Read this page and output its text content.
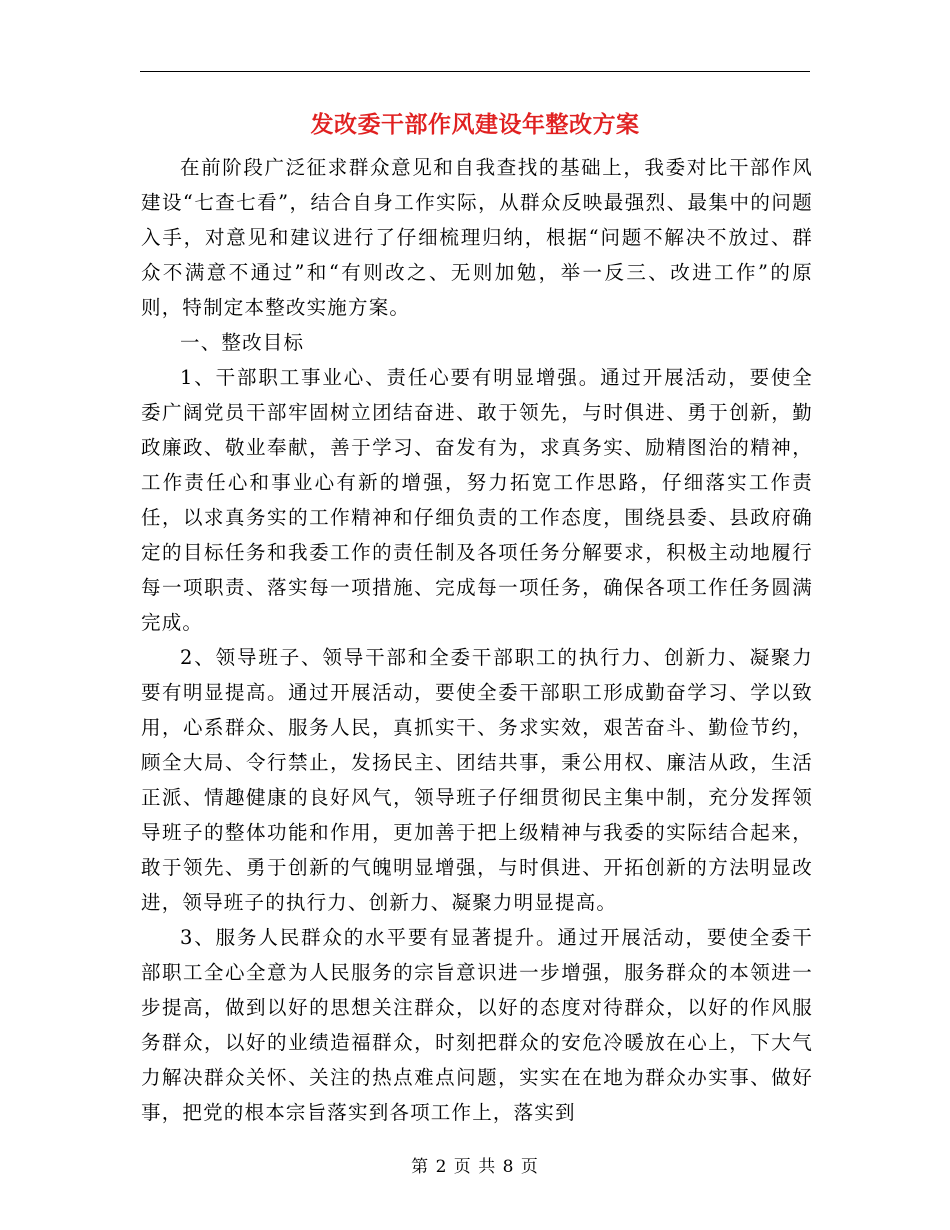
发改委干部作风建设年整改方案

在前阶段广泛征求群众意见和自我查找的基础上，我委对比干部作风建设“七查七看”，结合自身工作实际，从群众反映最强烈、最集中的问题入手，对意见和建议进行了仔细梳理归纳，根据“问题不解决不放过、群众不满意不通过”和“有则改之、无则加勉，举一反三、改进工作”的原则，特制定本整改实施方案。

一、整改目标

1、干部职工事业心、责任心要有明显增强。通过开展活动，要使全委广阔党员干部牢固树立团结奋进、敢于领先，与时俱进、勇于创新，勤政廉政、敬业奉献，善于学习、奋发有为，求真务实、励精图治的精神，工作责任心和事业心有新的增强，努力拓宽工作思路，仔细落实工作责任，以求真务实的工作精神和仔细负责的工作态度，围绕县委、县政府确定的目标任务和我委工作的责任制及各项任务分解要求，积极主动地履行每一项职责、落实每一项措施、完成每一项任务，确保各项工作任务圆满完成。

2、领导班子、领导干部和全委干部职工的执行力、创新力、凝聚力要有明显提高。通过开展活动，要使全委干部职工形成勤奋学习、学以致用，心系群众、服务人民，真抓实干、务求实效，艰苦奋斗、勤俭节约，顾全大局、令行禁止，发扬民主、团结共事，秉公用权、廉洁从政，生活正派、情趣健康的良好风气，领导班子仔细贯彻民主集中制，充分发挥领导班子的整体功能和作用，更加善于把上级精神与我委的实际结合起来，敢于领先、勇于创新的气魄明显增强，与时俱进、开拓创新的方法明显改进，领导班子的执行力、创新力、凝聚力明显提高。

3、服务人民群众的水平要有显著提升。通过开展活动，要使全委干部职工全心全意为人民服务的宗旨意识进一步增强，服务群众的本领进一步提高，做到以好的思想关注群众，以好的态度对待群众，以好的作风服务群众，以好的业绩造福群众，时刻把群众的安危冷暖放在心上，下大气力解决群众关怀、关注的热点难点问题，实实在在地为群众办实事、做好事，把党的根本宗旨落实到各项工作上，落实到

第 2 页 共 8 页
